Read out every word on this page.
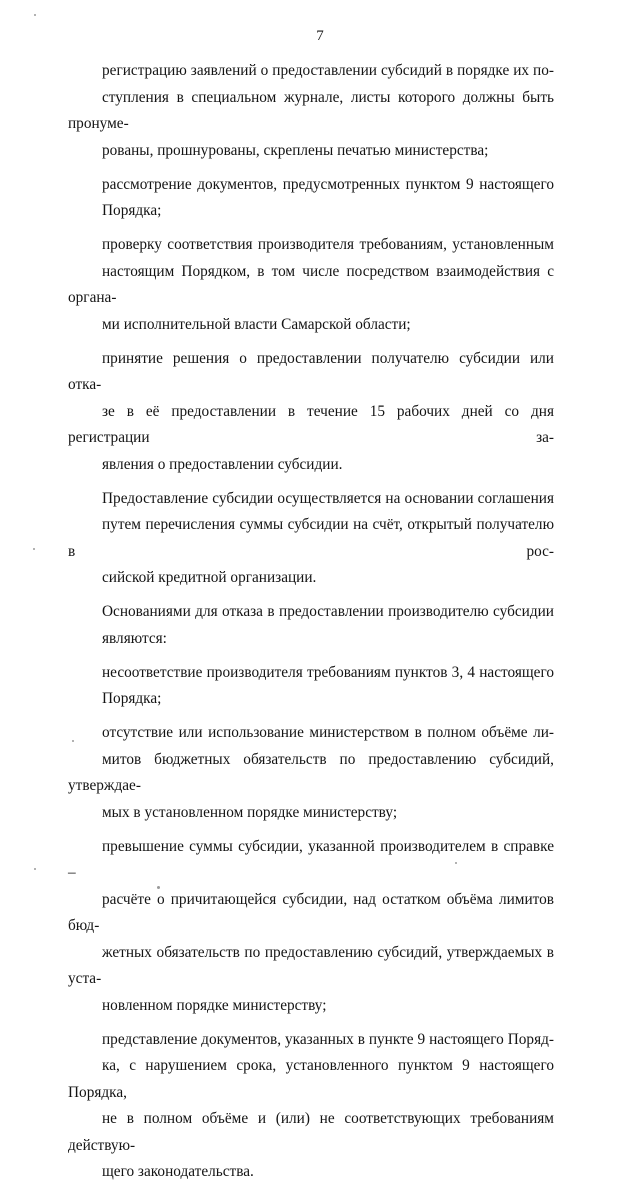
7

регистрацию заявлений о предоставлении субсидий в порядке их по-
ступления в специальном журнале, листы которого должны быть пронуме-
рованы, прошнурованы, скреплены печатью министерства;

рассмотрение документов, предусмотренных пунктом 9 настоящего
Порядка;

проверку соответствия производителя требованиям, установленным
настоящим Порядком, в том числе посредством взаимодействия с органа-
ми исполнительной власти Самарской области;

принятие решения о предоставлении получателю субсидии или отка-
зе в её предоставлении в течение 15 рабочих дней со дня регистрации за-
явления о предоставлении субсидии.

Предоставление субсидии осуществляется на основании соглашения
путем перечисления суммы субсидии на счёт, открытый получателю в рос-
сийской кредитной организации.

Основаниями для отказа в предоставлении производителю субсидии
являются:

несоответствие производителя требованиям пунктов 3, 4 настоящего
Порядка;

отсутствие или использование министерством в полном объёме ли-
митов бюджетных обязательств по предоставлению субсидий, утверждае-
мых в установленном порядке министерству;

превышение суммы субсидии, указанной производителем в справке –
расчёте о причитающейся субсидии, над остатком объёма лимитов бюд-
жетных обязательств по предоставлению субсидий, утверждаемых в уста-
новленном порядке министерству;

представление документов, указанных в пункте 9 настоящего Поряд-
ка, с нарушением срока, установленного пунктом 9 настоящего Порядка,
не в полном объёме и (или) не соответствующих требованиям действую-
щего законодательства.
